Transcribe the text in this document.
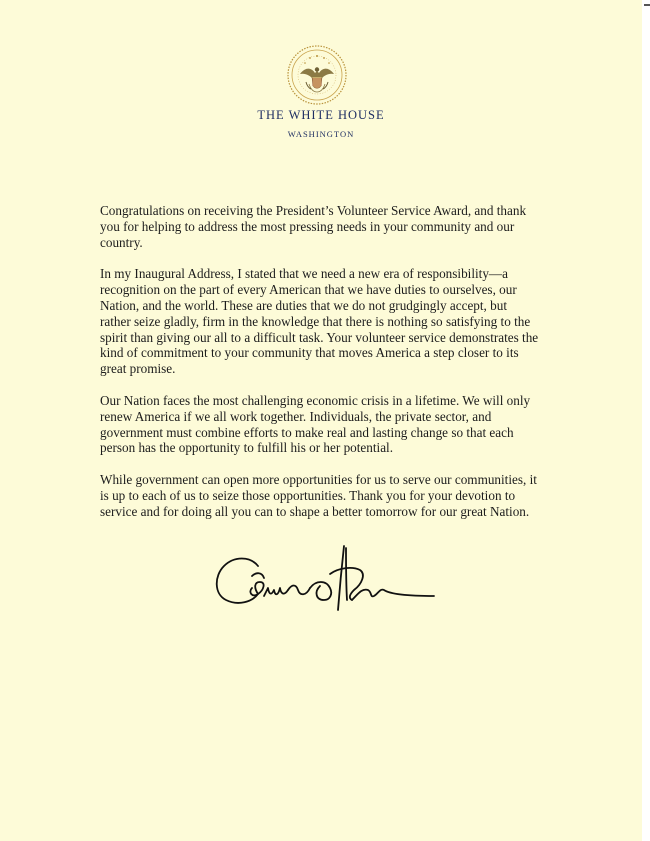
THE WHITE HOUSE
WASHINGTON

Congratulations on receiving the President’s Volunteer Service Award, and thank you for helping to address the most pressing needs in your community and our country.

In my Inaugural Address, I stated that we need a new era of responsibility—a recognition on the part of every American that we have duties to ourselves, our Nation, and the world. These are duties that we do not grudgingly accept, but rather seize gladly, firm in the knowledge that there is nothing so satisfying to the spirit than giving our all to a difficult task. Your volunteer service demonstrates the kind of commitment to your community that moves America a step closer to its great promise.

Our Nation faces the most challenging economic crisis in a lifetime. We will only renew America if we all work together. Individuals, the private sector, and government must combine efforts to make real and lasting change so that each person has the opportunity to fulfill his or her potential.

While government can open more opportunities for us to serve our communities, it is up to each of us to seize those opportunities. Thank you for your devotion to service and for doing all you can to shape a better tomorrow for our great Nation.
